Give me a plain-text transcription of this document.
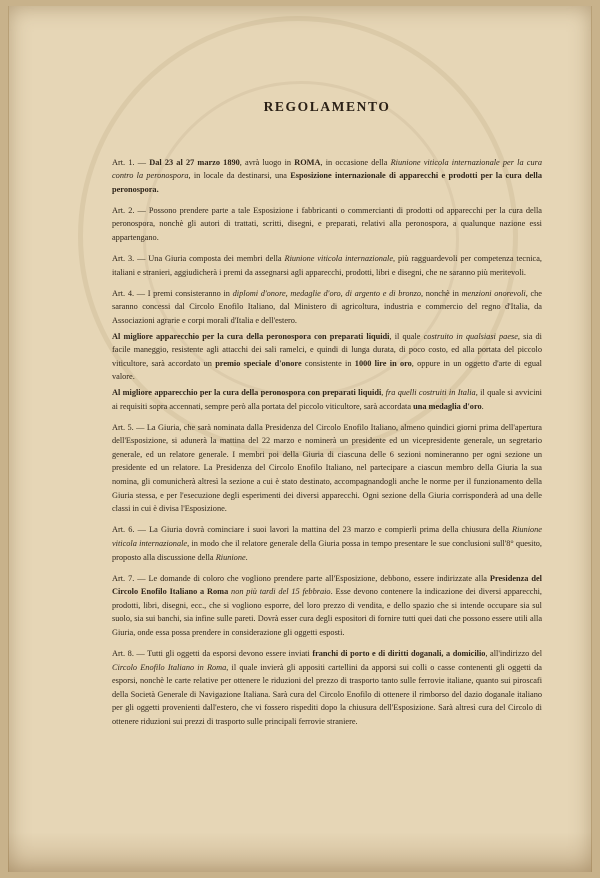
REGOLAMENTO

Art. 1. — Dal 23 al 27 marzo 1890, avrà luogo in ROMA, in occasione della Riunione viticola internazionale per la cura contro la peronospora, in locale da destinarsi, una Esposizione internazionale di apparecchi e prodotti per la cura della peronospora.

Art. 2. — Possono prendere parte a tale Esposizione i fabbricanti o commercianti di prodotti od apparecchi per la cura della peronospora, nonchè gli autori di trattati, scritti, disegni, e preparati, relativi alla peronospora, a qualunque nazione essi appartengano.

Art. 3. — Una Giuria composta dei membri della Riunione viticola internazionale, più ragguardevoli per competenza tecnica, italiani e stranieri, aggiudicherà i premi da assegnarsi agli apparecchi, prodotti, libri e disegni, che ne saranno più meritevoli.

Art. 4. — I premi consisteranno in diplomi d'onore, medaglie d'oro, di argento e di bronzo, nonchè in menzioni onorevoli, che saranno concessi dal Circolo Enofilo Italiano, dal Ministero di agricoltura, industria e commercio del regno d'Italia, da Associazioni agrarie e corpi morali d'Italia e dell'estero.

Al migliore apparecchio per la cura della peronospora con preparati liquidi, il quale costruito in qualsiasi paese, sia di facile maneggio, resistente agli attacchi dei sali ramelci, e quindi di lunga durata, di poco costo, ed alla portata del piccolo viticultore, sarà accordato un premio speciale d'onore consistente in 1000 lire in oro, oppure in un oggetto d'arte di egual valore.

Al migliore apparecchio per la cura della peronospora con preparati liquidi, fra quelli costruiti in Italia, il quale si avvicini ai requisiti sopra accennati, sempre però alla portata del piccolo viticultore, sarà accordata una medaglia d'oro.

Art. 5. — La Giuria, che sarà nominata dalla Presidenza del Circolo Enofilo Italiano, almeno quindici giorni prima dell'apertura dell'Esposizione, si adunerà la mattina del 22 marzo e nominerà un presidente ed un vicepresidente generale, un segretario generale, ed un relatore generale. I membri poi della Giuria di ciascuna delle 6 sezioni nomineranno per ogni sezione un presidente ed un relatore. La Presidenza del Circolo Enofilo Italiano, nel partecipare a ciascun membro della Giuria la sua nomina, gli comunicherà altresì la sezione a cui è stato destinato, accompagnandogli anche le norme per il funzionamento della Giuria stessa, e per l'esecuzione degli esperimenti dei diversi apparecchi. Ogni sezione della Giuria corrisponderà ad una delle classi in cui è divisa l'Esposizione.

Art. 6. — La Giuria dovrà cominciare i suoi lavori la mattina del 23 marzo e compierli prima della chiusura della Riunione viticola internazionale, in modo che il relatore generale della Giuria possa in tempo presentare le sue conclusioni sull'8° quesito, proposto alla discussione della Riunione.

Art. 7. — Le domande di coloro che vogliono prendere parte all'Esposizione, debbono, essere indirizzate alla Presidenza del Circolo Enofilo Italiano a Roma non più tardi del 15 febbraio. Esse devono contenere la indicazione dei diversi apparecchi, prodotti, libri, disegni, ecc., che si vogliono esporre, del loro prezzo di vendita, e dello spazio che si intende occupare sia sul suolo, sia sui banchi, sia infine sulle pareti. Dovrà esser cura degli espositori di fornire tutti quei dati che possono essere utili alla Giuria, onde essa possa prendere in considerazione gli oggetti esposti.

Art. 8. — Tutti gli oggetti da esporsi devono essere inviati franchi di porto e di diritti doganali, a domicilio, all'indirizzo del Circolo Enofilo Italiano in Roma, il quale invierà gli appositi cartellini da apporsi sui colli o casse contenenti gli oggetti da esporsi, nonchè le carte relative per ottenere le riduzioni del prezzo di trasporto tanto sulle ferrovie italiane, quanto sui piroscafi della Società Generale di Navigazione Italiana. Sarà cura del Circolo Enofilo di ottenere il rimborso del dazio doganale italiano per gli oggetti provenienti dall'estero, che vi fossero rispediti dopo la chiusura dell'Esposizione. Sarà altresì cura del Circolo di ottenere riduzioni sui prezzi di trasporto sulle principali ferrovie straniere.
